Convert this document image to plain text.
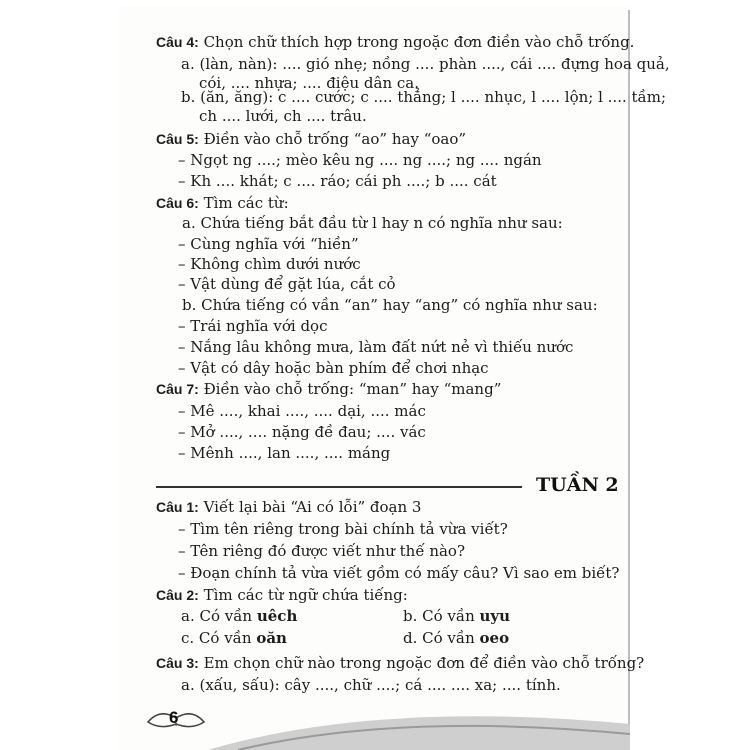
Câu 4: Chọn chữ thích hợp trong ngoặc đơn điền vào chỗ trống.
a. (làn, nàn): .... gió nhẹ; nồng .... phàn ...., cái .... đựng hoa quả,
cói, .... nhựa; .... điệu dân ca.
b. (ăn, ăng): c .... cước; c .... thẳng; l .... nhục, l .... lộn; l .... tầm;
ch .... lưới, ch .... trâu.
Câu 5: Điền vào chỗ trống “ao” hay “oao”
– Ngọt ng ....; mèo kêu ng .... ng ....; ng .... ngán
– Kh .... khát; c .... ráo; cái ph ....; b .... cát
Câu 6: Tìm các từ:
a. Chứa tiếng bắt đầu từ l hay n có nghĩa như sau:
– Cùng nghĩa với “hiền”
– Không chìm dưới nước
– Vật dùng để gặt lúa, cắt cỏ
b. Chứa tiếng có vần “an” hay “ang” có nghĩa như sau:
– Trái nghĩa với dọc
– Nắng lâu không mưa, làm đất nứt nẻ vì thiếu nước
– Vật có dây hoặc bàn phím để chơi nhạc
Câu 7: Điền vào chỗ trống: “man” hay “mang”
– Mê ...., khai ...., .... dại, .... mác
– Mở ...., .... nặng đề đau; .... vác
– Mênh ...., lan ...., .... máng
TUẦN 2
Câu 1: Viết lại bài “Ai có lỗi” đoạn 3
– Tìm tên riêng trong bài chính tả vừa viết?
– Tên riêng đó được viết như thế nào?
– Đoạn chính tả vừa viết gồm có mấy câu? Vì sao em biết?
Câu 2: Tìm các từ ngữ chứa tiếng:
a. Có vần uêch	b. Có vần uyu
c. Có vần oăn	d. Có vần oeo
Câu 3: Em chọn chữ nào trong ngoặc đơn để điền vào chỗ trống?
a. (xấu, sấu): cây ...., chữ ....; cá .... .... xa; .... tính.
6
